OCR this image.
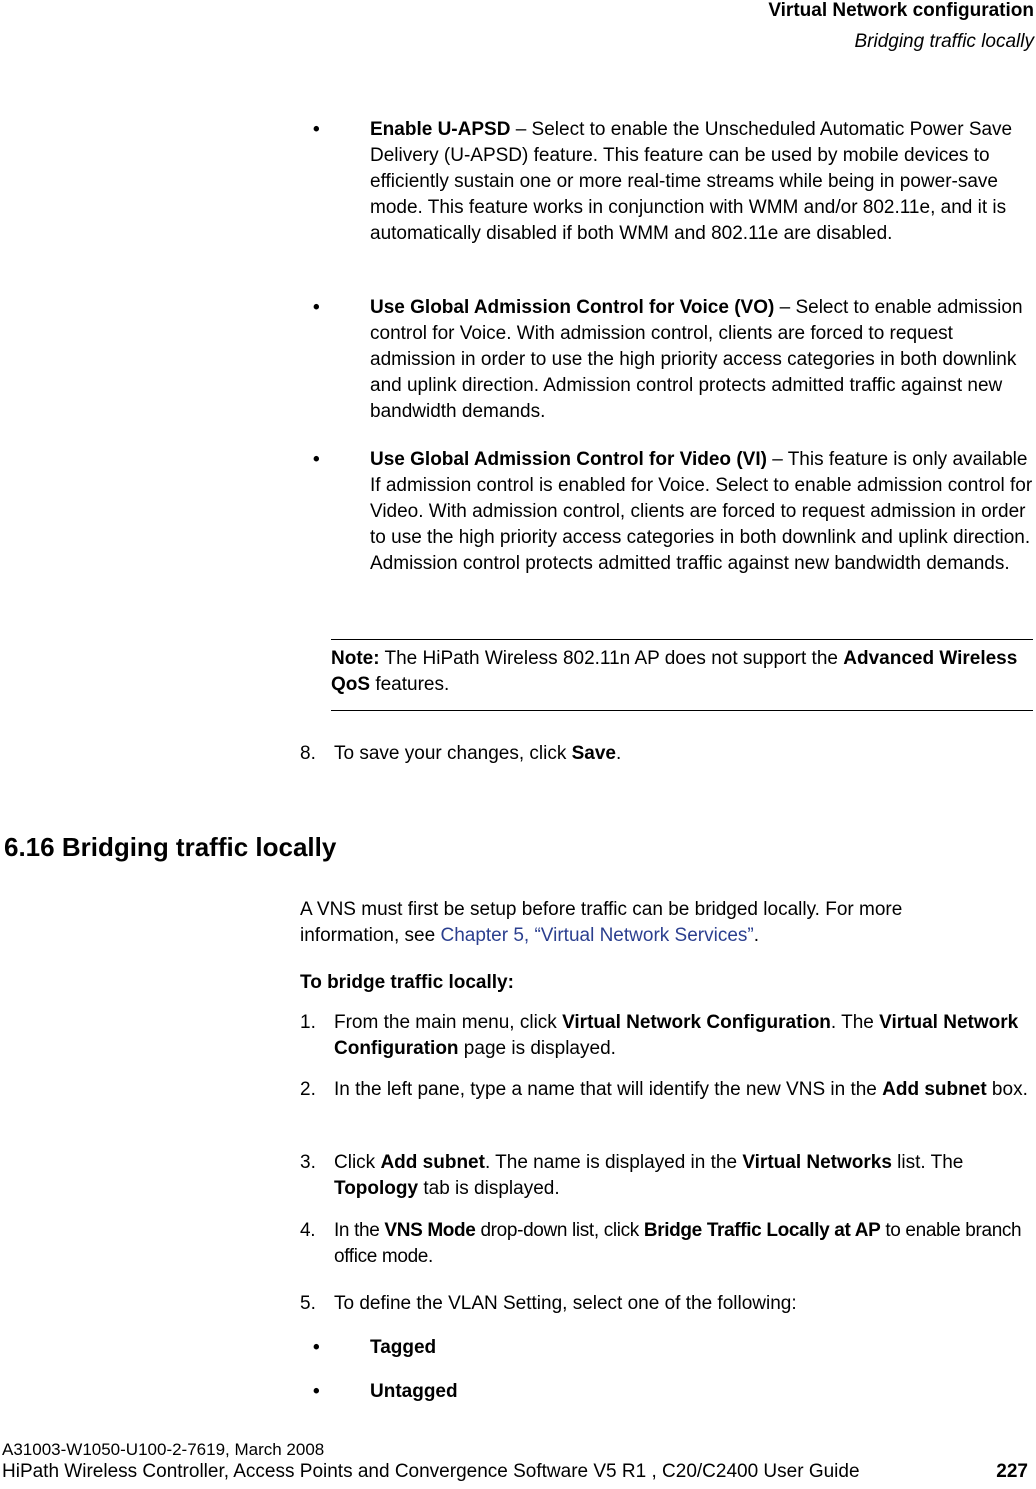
Virtual Network configuration
Bridging traffic locally
•	Enable U-APSD – Select to enable the Unscheduled Automatic Power Save Delivery (U-APSD) feature. This feature can be used by mobile devices to efficiently sustain one or more real-time streams while being in power-save mode. This feature works in conjunction with WMM and/or 802.11e, and it is automatically disabled if both WMM and 802.11e are disabled.
•	Use Global Admission Control for Voice (VO) – Select to enable admission control for Voice. With admission control, clients are forced to request admission in order to use the high priority access categories in both downlink and uplink direction. Admission control protects admitted traffic against new bandwidth demands.
•	Use Global Admission Control for Video (VI) – This feature is only available If admission control is enabled for Voice. Select to enable admission control for Video. With admission control, clients are forced to request admission in order to use the high priority access categories in both downlink and uplink direction. Admission control protects admitted traffic against new bandwidth demands.
Note: The HiPath Wireless 802.11n AP does not support the Advanced Wireless QoS features.
8. To save your changes, click Save.
6.16 Bridging traffic locally
A VNS must first be setup before traffic can be bridged locally. For more information, see Chapter 5, “Virtual Network Services”.
To bridge traffic locally:
1. From the main menu, click Virtual Network Configuration. The Virtual Network Configuration page is displayed.
2. In the left pane, type a name that will identify the new VNS in the Add subnet box.
3. Click Add subnet. The name is displayed in the Virtual Networks list. The Topology tab is displayed.
4. In the VNS Mode drop-down list, click Bridge Traffic Locally at AP to enable branch office mode.
5. To define the VLAN Setting, select one of the following:
•	Tagged
•	Untagged
A31003-W1050-U100-2-7619, March 2008
HiPath Wireless Controller, Access Points and Convergence Software V5 R1 , C20/C2400 User Guide	227
